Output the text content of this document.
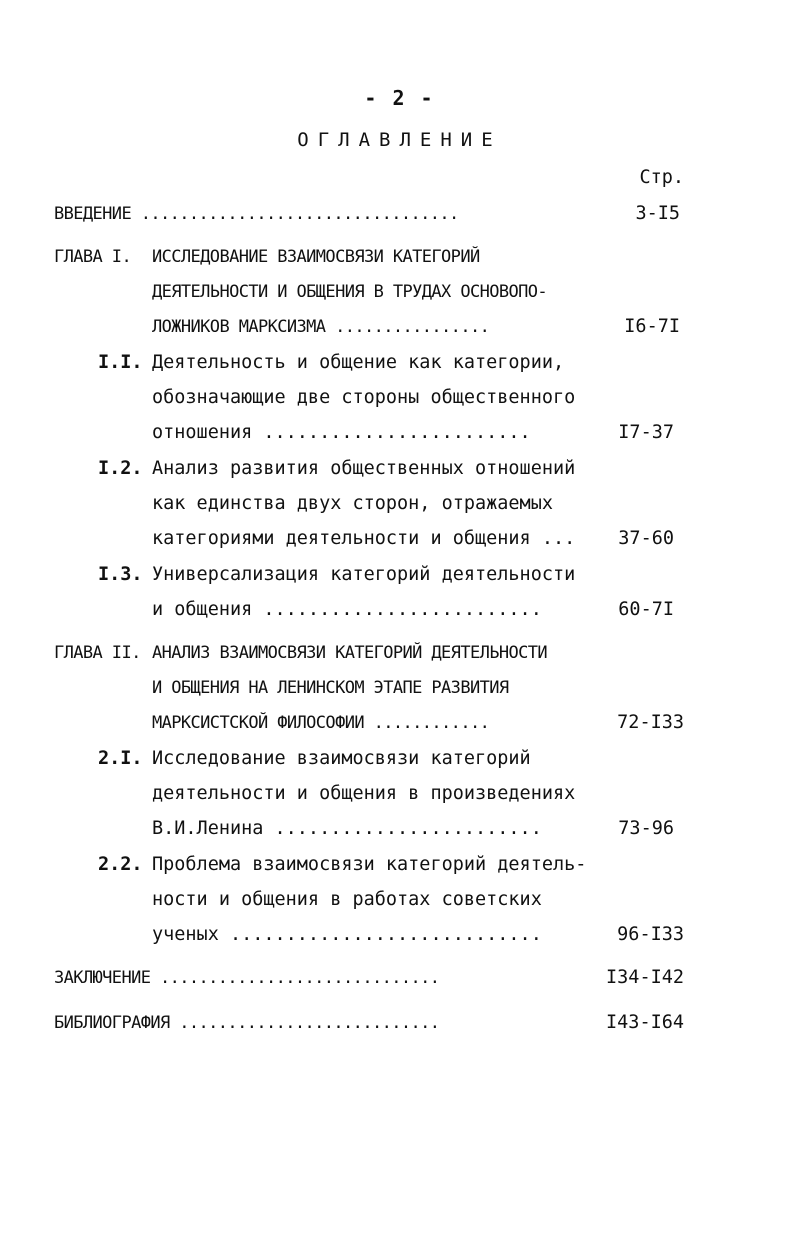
- 2 -
ОГЛАВЛЕНИЕ
Стр.
ВВЕДЕНИЕ .................................	3-I5
ГЛАВА I. ИССЛЕДОВАНИЕ ВЗАИМОСВЯЗИ КАТЕГОРИЙ
ДЕЯТЕЛЬНОСТИ И ОБЩЕНИЯ В ТРУДАХ ОСНОВОПО-
ЛОЖНИКОВ МАРКСИЗМА ................	I6-7I
I.I. Деятельность и общение как категории,
обозначающие две стороны общественного
отношения ........................	I7-37
I.2. Анализ развития общественных отношений
как единства двух сторон, отражаемых
категориями деятельности и общения ...	37-60
I.3. Универсализация категорий деятельности
и общения .........................	60-7I
ГЛАВА II. АНАЛИЗ ВЗАИМОСВЯЗИ КАТЕГОРИЙ ДЕЯТЕЛЬНОСТИ
И ОБЩЕНИЯ НА ЛЕНИНСКОМ ЭТАПЕ РАЗВИТИЯ
МАРКСИСТСКОЙ ФИЛОСОФИИ ............	72-I33
2.I. Исследование взаимосвязи категорий
деятельности и общения в произведениях
В.И.Ленина ........................	73-96
2.2. Проблема взаимосвязи категорий деятель-
ности и общения в работах советских
ученых ............................	96-I33
ЗАКЛЮЧЕНИЕ .............................	I34-I42
БИБЛИОГРАФИЯ ...........................	I43-I64
